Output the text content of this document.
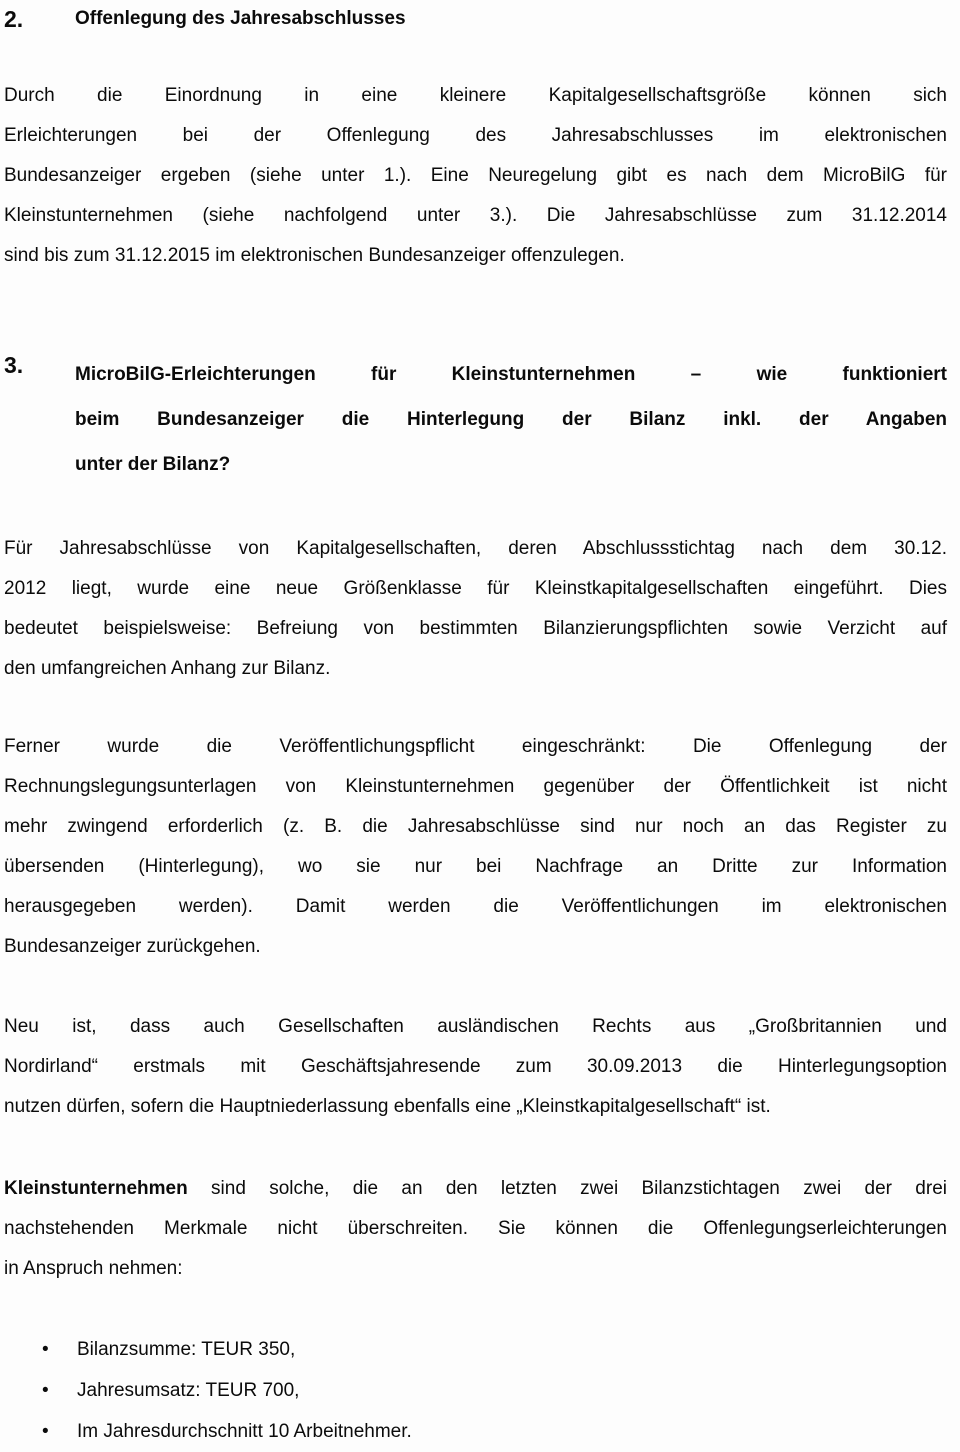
2.	Offenlegung des Jahresabschlusses
Durch die Einordnung in eine kleinere Kapitalgesellschaftsgröße können sich
Erleichterungen bei der Offenlegung des Jahresabschlusses im elektronischen
Bundesanzeiger ergeben (siehe unter 1.). Eine Neuregelung gibt es nach dem MicroBilG für
Kleinstunternehmen (siehe nachfolgend unter 3.). Die Jahresabschlüsse zum 31.12.2014
sind bis zum 31.12.2015 im elektronischen Bundesanzeiger offenzulegen.
3.	MicroBilG-Erleichterungen für Kleinstunternehmen – wie funktioniert
beim Bundesanzeiger die Hinterlegung der Bilanz inkl. der Angaben
unter der Bilanz?
Für Jahresabschlüsse von Kapitalgesellschaften, deren Abschlussstichtag nach dem 30.12.
2012 liegt, wurde eine neue Größenklasse für Kleinstkapitalgesellschaften eingeführt. Dies
bedeutet beispielsweise: Befreiung von bestimmten Bilanzierungspflichten sowie Verzicht auf
den umfangreichen Anhang zur Bilanz.
Ferner wurde die Veröffentlichungspflicht eingeschränkt: Die Offenlegung der
Rechnungslegungsunterlagen von Kleinstunternehmen gegenüber der Öffentlichkeit ist nicht
mehr zwingend erforderlich (z. B. die Jahresabschlüsse sind nur noch an das Register zu
übersenden (Hinterlegung), wo sie nur bei Nachfrage an Dritte zur Information
herausgegeben werden). Damit werden die Veröffentlichungen im elektronischen
Bundesanzeiger zurückgehen.
Neu ist, dass auch Gesellschaften ausländischen Rechts aus „Großbritannien und
Nordirland“ erstmals mit Geschäftsjahresende zum 30.09.2013 die Hinterlegungsoption
nutzen dürfen, sofern die Hauptniederlassung ebenfalls eine „Kleinstkapitalgesellschaft“ ist.
Kleinstunternehmen sind solche, die an den letzten zwei Bilanzstichtagen zwei der drei
nachstehenden Merkmale nicht überschreiten. Sie können die Offenlegungserleichterungen
in Anspruch nehmen:
• Bilanzsumme: TEUR 350,
• Jahresumsatz: TEUR 700,
• Im Jahresdurchschnitt 10 Arbeitnehmer.
